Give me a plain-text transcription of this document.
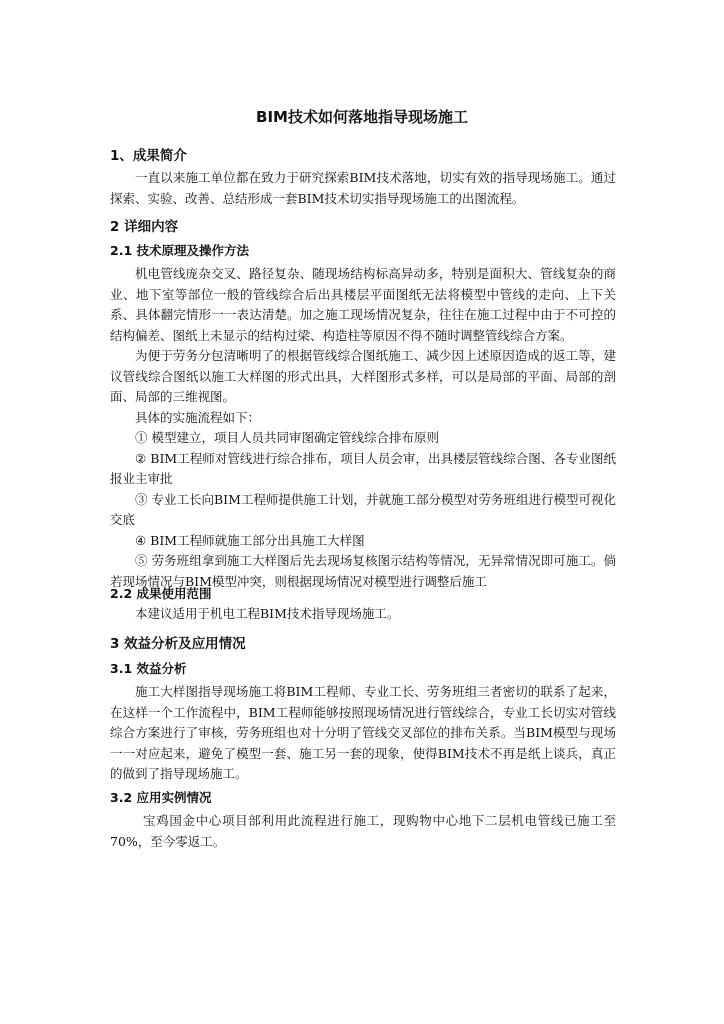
BIM技术如何落地指导现场施工
1、成果简介

一直以来施工单位都在致力于研究探索BIM技术落地，切实有效的指导现场施工。通过探索、实验、改善、总结形成一套BIM技术切实指导现场施工的出图流程。

2 详细内容
2.1 技术原理及操作方法

机电管线庞杂交叉、路径复杂、随现场结构标高异动多，特别是面积大、管线复杂的商业、地下室等部位一般的管线综合后出具楼层平面图纸无法将模型中管线的走向、上下关系、具体翻完情形一一表达清楚。加之施工现场情况复杂，往往在施工过程中由于不可控的结构偏差、图纸上未显示的结构过梁、构造柱等原因不得不随时调整管线综合方案。

为便于劳务分包清晰明了的根据管线综合图纸施工、减少因上述原因造成的返工等，建议管线综合图纸以施工大样图的形式出具，大样图形式多样，可以是局部的平面、局部的剖面、局部的三维视图。

具体的实施流程如下：

① 模型建立，项目人员共同审图确定管线综合排布原则

② BIM工程师对管线进行综合排布，项目人员会审，出具楼层管线综合图、各专业图纸报业主审批

③ 专业工长向BIM工程师提供施工计划，并就施工部分模型对劳务班组进行模型可视化交底

④ BIM工程师就施工部分出具施工大样图

⑤ 劳务班组拿到施工大样图后先去现场复核图示结构等情况，无异常情况即可施工。倘若现场情况与BIM模型冲突，则根据现场情况对模型进行调整后施工

2.2 成果使用范围

本建议适用于机电工程BIM技术指导现场施工。

3 效益分析及应用情况
3.1 效益分析

施工大样图指导现场施工将BIM工程师、专业工长、劳务班组三者密切的联系了起来，在这样一个工作流程中，BIM工程师能够按照现场情况进行管线综合，专业工长切实对管线综合方案进行了审核，劳务班组也对十分明了管线交叉部位的排布关系。当BIM模型与现场一一对应起来，避免了模型一套、施工另一套的现象，使得BIM技术不再是纸上谈兵，真正的做到了指导现场施工。

3.2 应用实例情况

宝鸡国金中心项目部利用此流程进行施工，现购物中心地下二层机电管线已施工至70%，至今零返工。
